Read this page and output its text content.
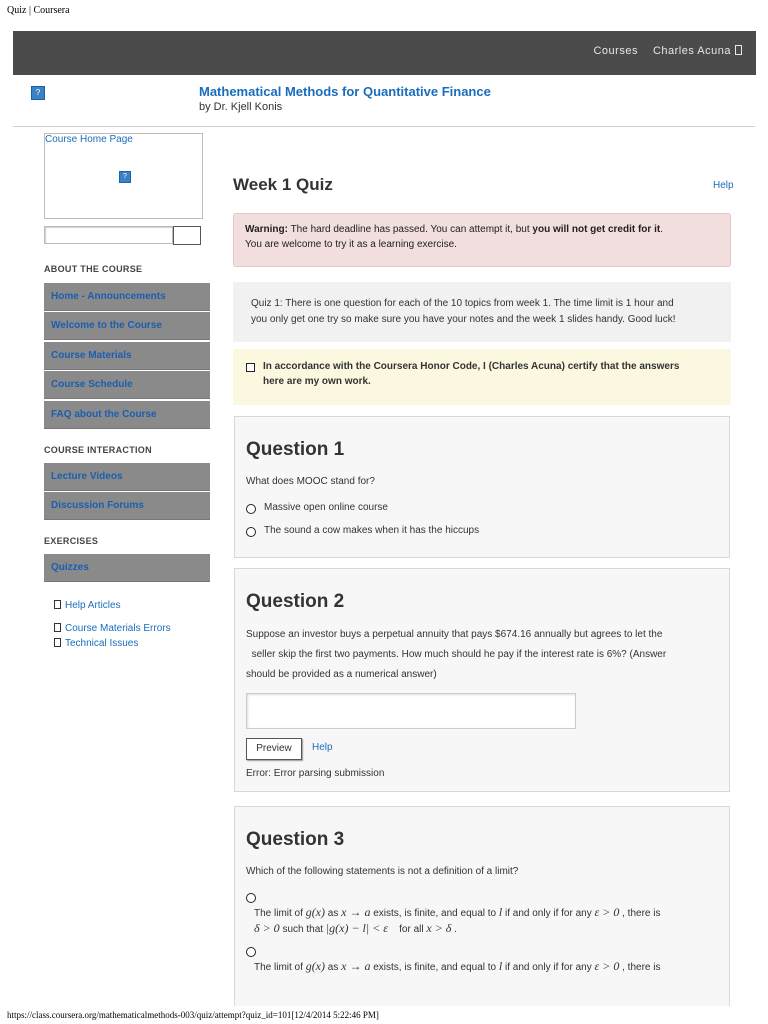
Quiz | Coursera
Courses Charles Acuna
?	Mathematical Methods for Quantitative Finance
by Dr. Kjell Konis
Course Home Page
?
ABOUT THE COURSE
Home - Announcements
Welcome to the Course
Course Materials
Course Schedule
FAQ about the Course
COURSE INTERACTION
Lecture Videos
Discussion Forums
EXERCISES
Quizzes
Help Articles
Course Materials Errors
Technical Issues
Week 1 Quiz	Help

Warning: The hard deadline has passed. You can attempt it, but you will not get credit for it.
You are welcome to try it as a learning exercise.

Quiz 1: There is one question for each of the 10 topics from week 1. The time limit is 1 hour and
you only get one try so make sure you have your notes and the week 1 slides handy. Good luck!

In accordance with the Coursera Honor Code, I (Charles Acuna) certify that the answers
here are my own work.

Question 1
What does MOOC stand for?
Massive open online course
The sound a cow makes when it has the hiccups
Question 2
Suppose an investor buys a perpetual annuity that pays $674.16 annually but agrees to let the
seller skip the first two payments. How much should he pay if the interest rate is 6%? (Answer
should be provided as a numerical answer)
Preview	Help
Error: Error parsing submission
Question 3
Which of the following statements is not a definition of a limit?
The limit of g(x) as x → a exists, is finite, and equal to l if and only if for any ε > 0 , there is
δ > 0 such that |g(x) − l| < ε    for all x > δ .
The limit of g(x) as x → a exists, is finite, and equal to l if and only if for any ε > 0 , there is
https://class.coursera.org/mathematicalmethods-003/quiz/attempt?quiz_id=101[12/4/2014 5:22:46 PM]
